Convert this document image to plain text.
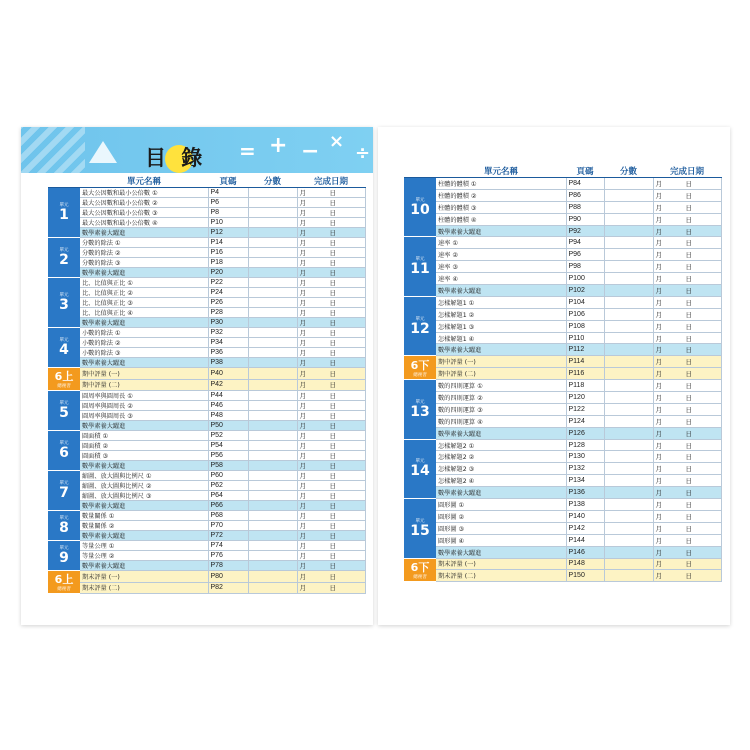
目 錄 = + − ×
÷
	單元名稱	頁碼	分數	完成日期

單元
1	最大公因數和最小公倍數 ①	P4		月 日
	最大公因數和最小公倍數 ②	P6		月 日
	最大公因數和最小公倍數 ③	P8		月 日
	最大公因數和最小公倍數 ④	P10		月 日
	數學素養大躍進	P12		月 日

單元
2	分數的除法 ①	P14		月 日
	分數的除法 ②	P16		月 日
	分數的除法 ③	P18		月 日
	數學素養大躍進	P20		月 日

單元
3	比、比值與正比 ①	P22		月 日
	比、比值與正比 ②	P24		月 日
	比、比值與正比 ③	P26		月 日
	比、比值與正比 ④	P28		月 日
	數學素養大躍進	P30		月 日

單元
4	小數的除法 ①	P32		月 日
	小數的除法 ②	P34		月 日
	小數的除法 ③	P36		月 日
	數學素養大躍進	P38		月 日
6上
總複習	期中評量 (一)	P40		月 日
	期中評量 (二)	P42		月 日

單元
5	圓周率與圓周長 ①	P44		月 日
	圓周率與圓周長 ②	P46		月 日
	圓周率與圓周長 ③	P48		月 日
	數學素養大躍進	P50		月 日

單元
6	圓面積 ①	P52		月 日
	圓面積 ②	P54		月 日
	圓面積 ③	P56		月 日
	數學素養大躍進	P58		月 日

單元
7	縮圖、放大圖與比例尺 ①	P60		月 日
	縮圖、放大圖與比例尺 ②	P62		月 日
	縮圖、放大圖與比例尺 ③	P64		月 日
	數學素養大躍進	P66		月 日

單元
8	數量關係 ①	P68		月 日
	數量關係 ②	P70		月 日
	數學素養大躍進	P72		月 日

單元
9	等量公理 ①	P74		月 日
	等量公理 ②	P76		月 日
	數學素養大躍進	P78		月 日
6上
總複習	期末評量 (一)	P80		月 日
	期末評量 (二)	P82		月 日
	單元名稱	頁碼	分數	完成日期

單元
10	柱體的體積 ①	P84		月 日
	柱體的體積 ②	P86		月 日
	柱體的體積 ③	P88		月 日
	柱體的體積 ④	P90		月 日
	數學素養大躍進	P92		月 日

單元
11	速率 ①	P94		月 日
	速率 ②	P96		月 日
	速率 ③	P98		月 日
	速率 ④	P100		月 日
	數學素養大躍進	P102		月 日

單元
12	怎樣解題1 ①	P104		月 日
	怎樣解題1 ②	P106		月 日
	怎樣解題1 ③	P108		月 日
	怎樣解題1 ④	P110		月 日
	數學素養大躍進	P112		月 日
6下
總複習	期中評量 (一)	P114		月 日
	期中評量 (二)	P116		月 日

單元
13	數的四則運算 ①	P118		月 日
	數的四則運算 ②	P120		月 日
	數的四則運算 ③	P122		月 日
	數的四則運算 ④	P124		月 日
	數學素養大躍進	P126		月 日

單元
14	怎樣解題2 ①	P128		月 日
	怎樣解題2 ②	P130		月 日
	怎樣解題2 ③	P132		月 日
	怎樣解題2 ④	P134		月 日
	數學素養大躍進	P136		月 日

單元
15	圓形圖 ①	P138		月 日
	圓形圖 ②	P140		月 日
	圓形圖 ③	P142		月 日
	圓形圖 ④	P144		月 日
	數學素養大躍進	P146		月 日
6下
總複習	期末評量 (一)	P148		月 日
	期末評量 (二)	P150		月 日
